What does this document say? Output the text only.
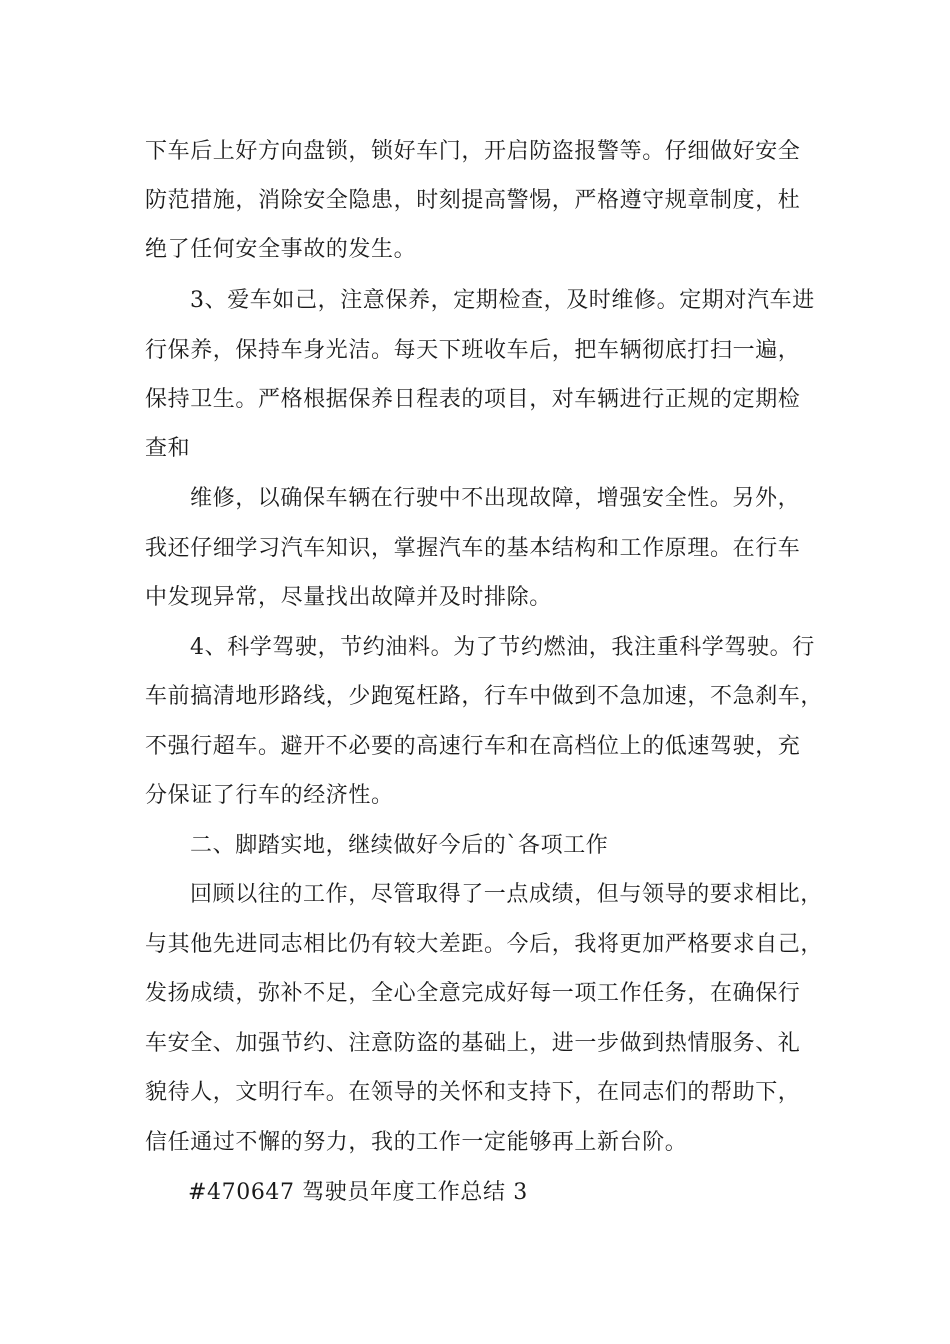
下车后上好方向盘锁，锁好车门，开启防盗报警等。仔细做好安全

防范措施，消除安全隐患，时刻提高警惕，严格遵守规章制度，杜

绝了任何安全事故的发生。

3、爱车如己，注意保养，定期检查，及时维修。定期对汽车进

行保养，保持车身光洁。每天下班收车后，把车辆彻底打扫一遍，

保持卫生。严格根据保养日程表的项目，对车辆进行正规的定期检

查和

维修，以确保车辆在行驶中不出现故障，增强安全性。另外，

我还仔细学习汽车知识，掌握汽车的基本结构和工作原理。在行车

中发现异常，尽量找出故障并及时排除。

4、科学驾驶，节约油料。为了节约燃油，我注重科学驾驶。行

车前搞清地形路线，少跑冤枉路，行车中做到不急加速，不急刹车，

不强行超车。避开不必要的高速行车和在高档位上的低速驾驶，充

分保证了行车的经济性。

二、脚踏实地，继续做好今后的`各项工作

回顾以往的工作，尽管取得了一点成绩，但与领导的要求相比，

与其他先进同志相比仍有较大差距。今后，我将更加严格要求自己，

发扬成绩，弥补不足，全心全意完成好每一项工作任务，在确保行

车安全、加强节约、注意防盗的基础上，进一步做到热情服务、礼

貌待人，文明行车。在领导的关怀和支持下，在同志们的帮助下，

信任通过不懈的努力，我的工作一定能够再上新台阶。

#470647 驾驶员年度工作总结 3
